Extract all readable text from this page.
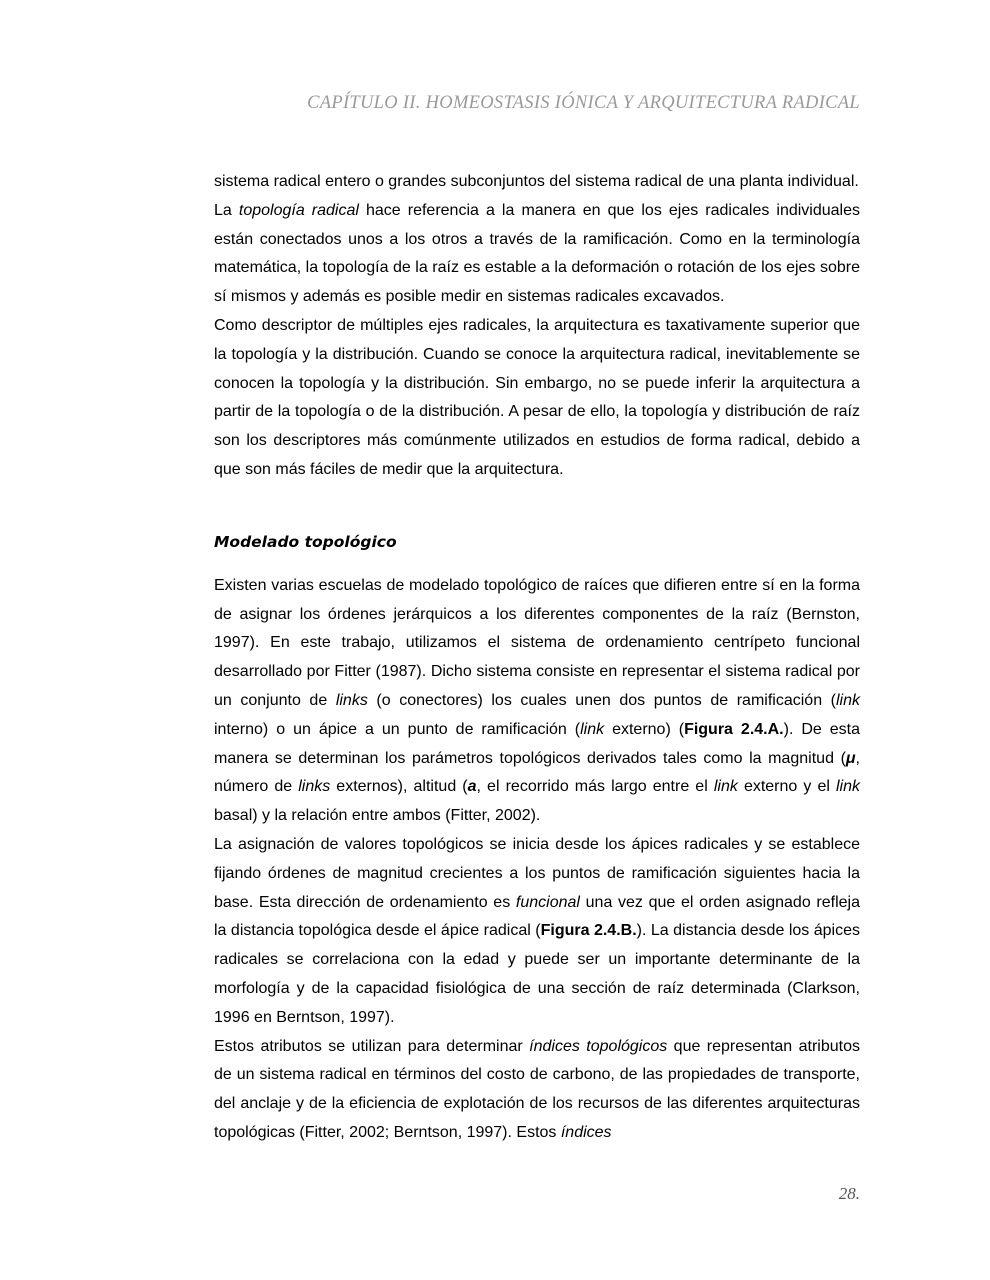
CAPÍTULO II. HOMEOSTASIS IÓNICA Y ARQUITECTURA RADICAL

sistema radical entero o grandes subconjuntos del sistema radical de una planta individual.

La topología radical hace referencia a la manera en que los ejes radicales individuales están conectados unos a los otros a través de la ramificación. Como en la terminología matemática, la topología de la raíz es estable a la deformación o rotación de los ejes sobre sí mismos y además es posible medir en sistemas radicales excavados.

Como descriptor de múltiples ejes radicales, la arquitectura es taxativamente superior que la topología y la distribución. Cuando se conoce la arquitectura radical, inevitablemente se conocen la topología y la distribución. Sin embargo, no se puede inferir la arquitectura a partir de la topología o de la distribución. A pesar de ello, la topología y distribución de raíz son los descriptores más comúnmente utilizados en estudios de forma radical, debido a que son más fáciles de medir que la arquitectura.

Modelado topológico

Existen varias escuelas de modelado topológico de raíces que difieren entre sí en la forma de asignar los órdenes jerárquicos a los diferentes componentes de la raíz (Bernston, 1997). En este trabajo, utilizamos el sistema de ordenamiento centrípeto funcional desarrollado por Fitter (1987). Dicho sistema consiste en representar el sistema radical por un conjunto de links (o conectores) los cuales unen dos puntos de ramificación (link interno) o un ápice a un punto de ramificación (link externo) (Figura 2.4.A.). De esta manera se determinan los parámetros topológicos derivados tales como la magnitud (μ, número de links externos), altitud (a, el recorrido más largo entre el link externo y el link basal) y la relación entre ambos (Fitter, 2002).

La asignación de valores topológicos se inicia desde los ápices radicales y se establece fijando órdenes de magnitud crecientes a los puntos de ramificación siguientes hacia la base. Esta dirección de ordenamiento es funcional una vez que el orden asignado refleja la distancia topológica desde el ápice radical (Figura 2.4.B.). La distancia desde los ápices radicales se correlaciona con la edad y puede ser un importante determinante de la morfología y de la capacidad fisiológica de una sección de raíz determinada (Clarkson, 1996 en Berntson, 1997).

Estos atributos se utilizan para determinar índices topológicos que representan atributos de un sistema radical en términos del costo de carbono, de las propiedades de transporte, del anclaje y de la eficiencia de explotación de los recursos de las diferentes arquitecturas topológicas (Fitter, 2002; Berntson, 1997). Estos índices

28.
